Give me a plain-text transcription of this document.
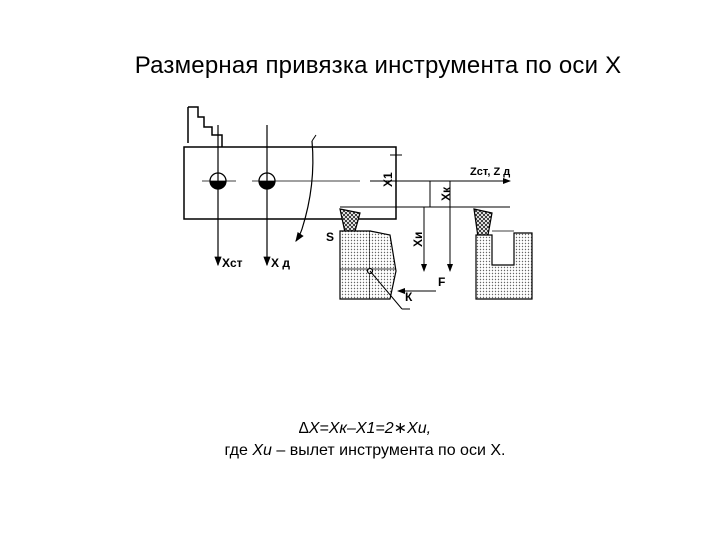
Размерная привязка инструмента по оси Х
Хст Х д
Х1
Хк
Хи
Zст, Z д
S
F
К
∆Х=Хк–Х1=2∗Хи,
где Хи – вылет инструмента по оси Х.
